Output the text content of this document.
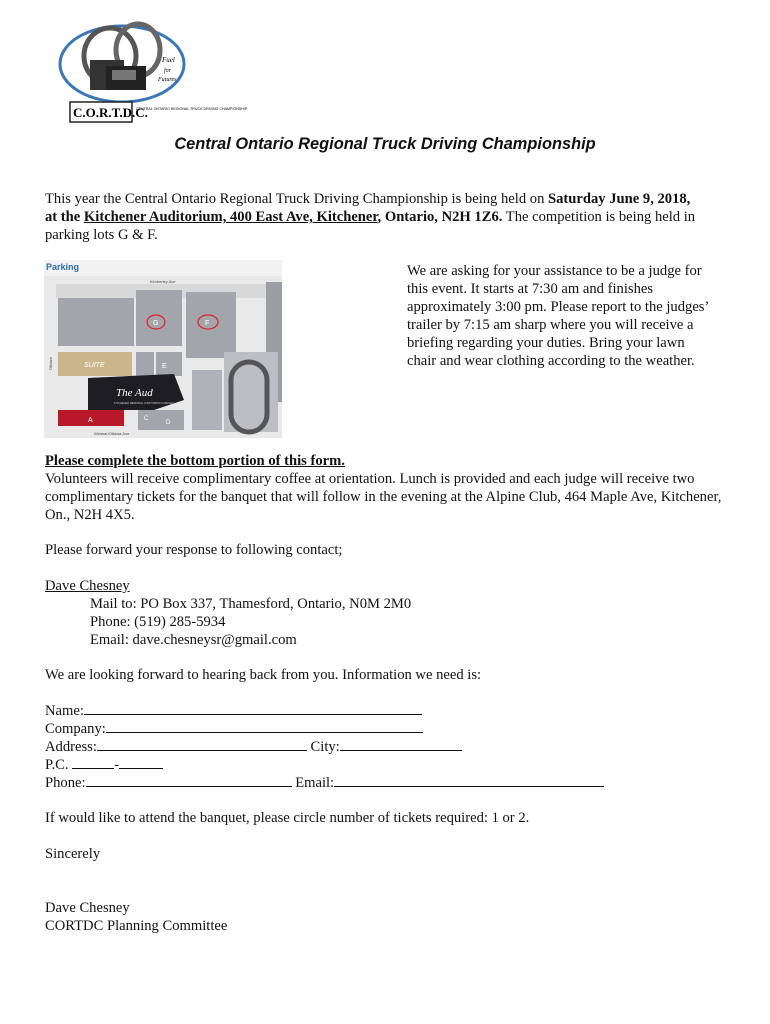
Fuel
for
Futures
C.O.R.T.D.C.
CENTRAL ONTARIO REGIONAL TRUCK DRIVING CHAMPIONSHIP
Central Ontario Regional Truck Driving Championship

This year the Central Ontario Regional Truck Driving Championship is being held on Saturday June 9, 2018,
at the Kitchener Auditorium, 400 East Ave, Kitchener, Ontario, N2H 1Z6. The competition is being held in parking lots G & F.

Parking
Kimberley Ave
G	F
SUITE
Ottawa	E
The Aud
KITCHENER MEMORIAL AUDITORIUM COMPLEX
A	C
D
Weimar/Ottawa Ave
We are asking for your assistance to be a judge for this event. It starts at 7:30 am and finishes approximately 3:00 pm. Please report to the judges’ trailer by 7:15 am sharp where you will receive a briefing regarding your duties. Bring your lawn chair and wear clothing according to the weather.

Please complete the bottom portion of this form.

Volunteers will receive complimentary coffee at orientation. Lunch is provided and each judge will receive two complimentary tickets for the banquet that will follow in the evening at the Alpine Club, 464 Maple Ave, Kitchener, On., N2H 4X5.

Please forward your response to following contact;

Dave Chesney

Mail to: PO Box 337, Thamesford, Ontario, N0M 2M0
Phone: (519) 285-5934
Email: dave.chesneysr@gmail.com

We are looking forward to hearing back from you. Information we need is:

Name:
Company:
Address:	City:
P.C.	-
Phone:	Email:

If would like to attend the banquet, please circle number of tickets required: 1 or 2.

Sincerely

Dave Chesney

CORTDC Planning Committee
